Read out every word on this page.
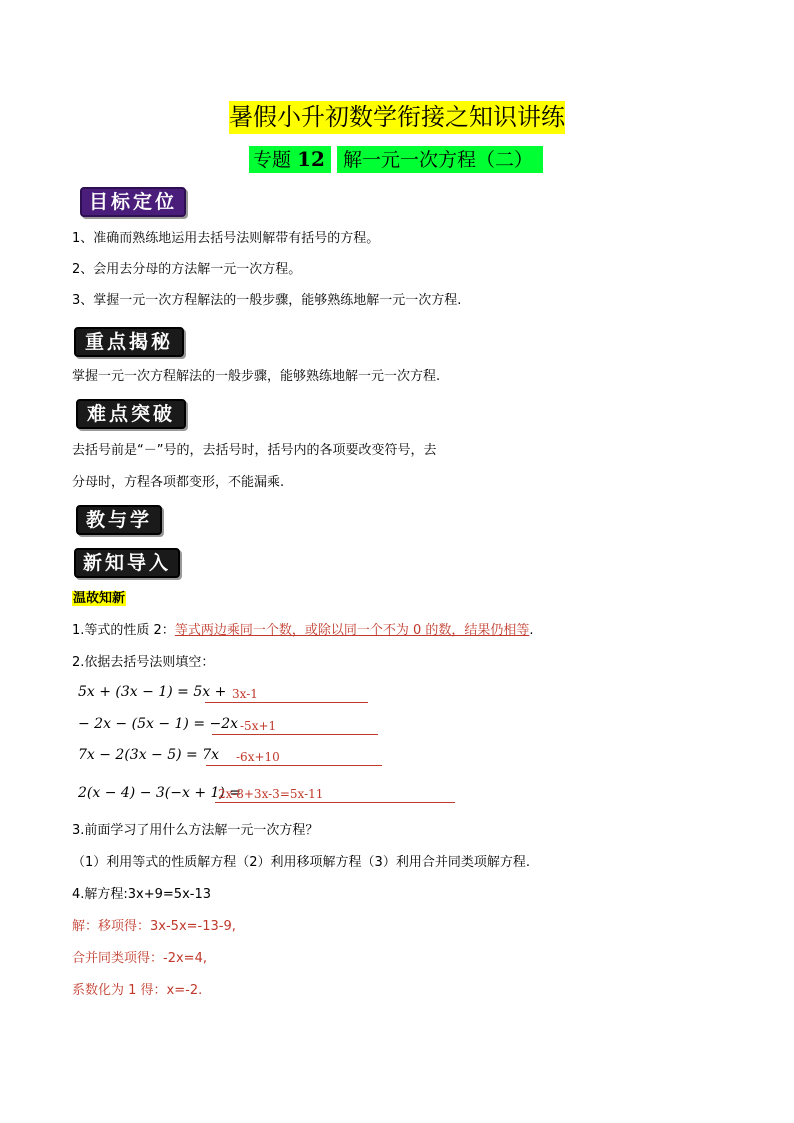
暑假小升初数学衔接之知识讲练
专题 12 解一元一次方程（二）
目标定位
1、准确而熟练地运用去括号法则解带有括号的方程。
2、会用去分母的方法解一元一次方程。
3、掌握一元一次方程解法的一般步骤，能够熟练地解一元一次方程.
重点揭秘
掌握一元一次方程解法的一般步骤，能够熟练地解一元一次方程.
难点突破
去括号前是“－”号的，去括号时，括号内的各项要改变符号，去
分母时，方程各项都变形，不能漏乘.
教与学
新知导入
温故知新
1.等式的性质 2：等式两边乘同一个数，或除以同一个不为 0 的数，结果仍相等.
2.依据去括号法则填空：
5x + (3x − 1) = 5x + 3x-1
− 2x − (5x − 1) = −2x -5x+1
7x − 2(3x − 5) = 7x -6x+10
2(x − 4) − 3(−x + 1) =
2x-8+3x-3=5x-11
3.前面学习了用什么方法解一元一次方程？
（1）利用等式的性质解方程（2）利用移项解方程（3）利用合并同类项解方程.
4.解方程:3x+9=5x-13
解：移项得：3x-5x=-13-9,
合并同类项得：-2x=4,
系数化为 1 得：x=-2.
